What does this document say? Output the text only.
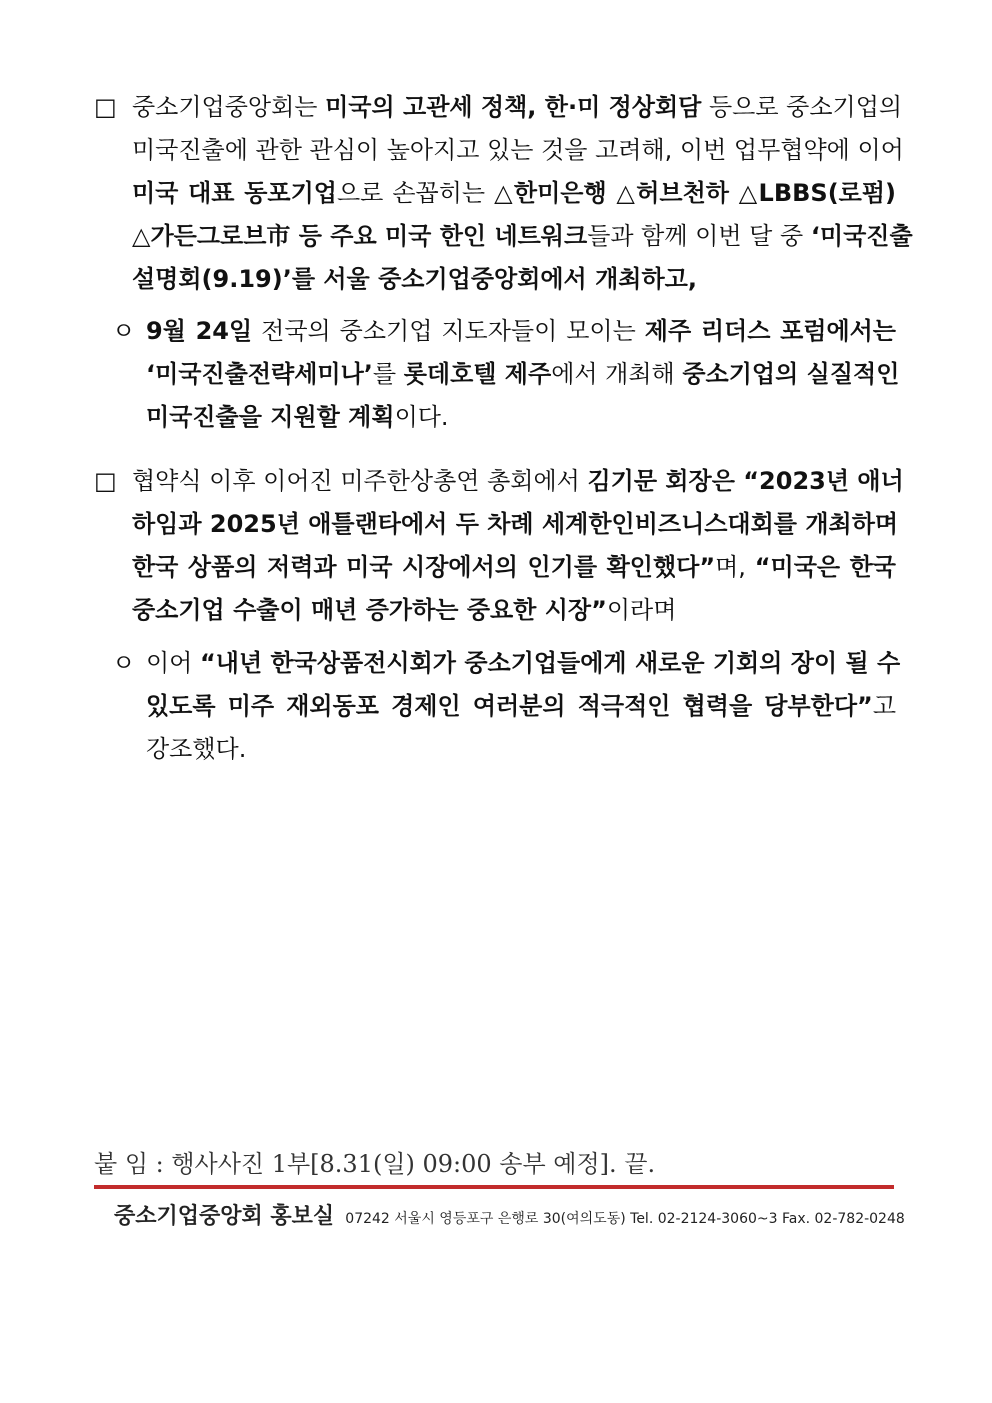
□ 중소기업중앙회는 미국의 고관세 정책, 한·미 정상회담 등으로 중소기업의

미국진출에 관한 관심이 높아지고 있는 것을 고려해, 이번 업무협약에 이어

미국 대표 동포기업으로 손꼽히는 △한미은행 △허브천하 △LBBS(로펌)

△가든그로브市 등 주요 미국 한인 네트워크들과 함께 이번 달 중 ‘미국진출

설명회(9.19)’를 서울 중소기업중앙회에서 개최하고,

ㅇ 9월 24일 전국의 중소기업 지도자들이 모이는 제주 리더스 포럼에서는

‘미국진출전략세미나’를 롯데호텔 제주에서 개최해 중소기업의 실질적인

미국진출을 지원할 계획이다.

□ 협약식 이후 이어진 미주한상총연 총회에서 김기문 회장은 “2023년 애너

하임과 2025년 애틀랜타에서 두 차례 세계한인비즈니스대회를 개최하며

한국 상품의 저력과 미국 시장에서의 인기를 확인했다”며, “미국은 한국

중소기업 수출이 매년 증가하는 중요한 시장”이라며

ㅇ 이어 “내년 한국상품전시회가 중소기업들에게 새로운 기회의 장이 될 수

있도록 미주 재외동포 경제인 여러분의 적극적인 협력을 당부한다”고

강조했다.

붙 임 : 행사사진 1부[8.31(일) 09:00 송부 예정]. 끝.
중소기업중앙회 홍보실 07242 서울시 영등포구 은행로 30(여의도동) Tel. 02-2124-3060~3 Fax. 02-782-0248
